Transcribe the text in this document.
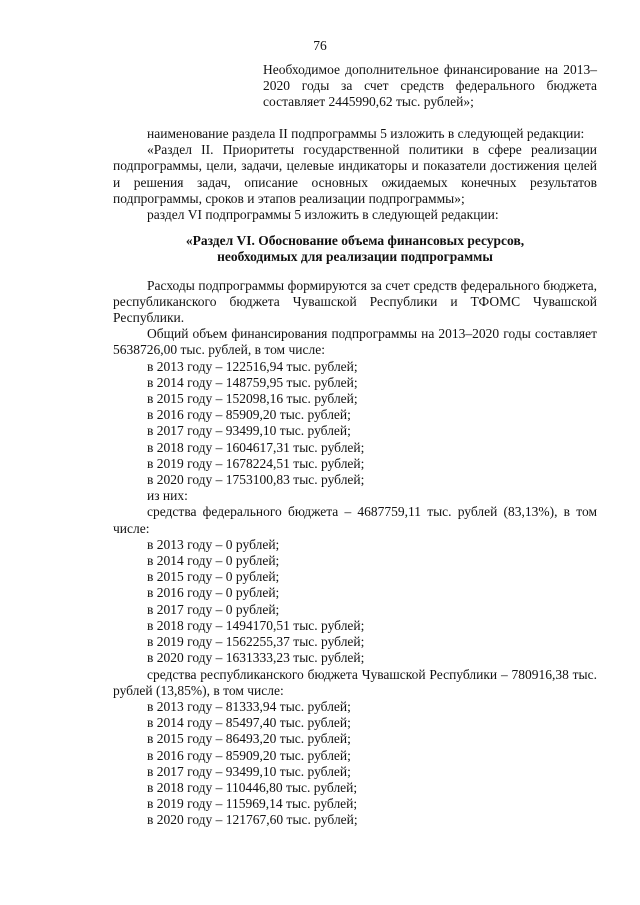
76
Необходимое дополнительное финансирование на 2013–2020 годы за счет средств федерального бюджета составляет 2445990,62 тыс. рублей»;

наименование раздела II подпрограммы 5 изложить в следующей редакции:

«Раздел II. Приоритеты государственной политики в сфере реализации подпрограммы, цели, задачи, целевые индикаторы и показатели достижения целей и решения задач, описание основных ожидаемых конечных результатов подпрограммы, сроков и этапов реализации подпрограммы»;

раздел VI подпрограммы 5 изложить в следующей редакции:

«Раздел VI. Обоснование объема финансовых ресурсов,
необходимых для реализации подпрограммы

Расходы подпрограммы формируются за счет средств федерального бюджета, республиканского бюджета Чувашской Республики и ТФОМС Чувашской Республики.

Общий объем финансирования подпрограммы на 2013–2020 годы составляет 5638726,00 тыс. рублей, в том числе:

в 2013 году – 122516,94 тыс. рублей;

в 2014 году – 148759,95 тыс. рублей;

в 2015 году – 152098,16 тыс. рублей;

в 2016 году – 85909,20 тыс. рублей;

в 2017 году – 93499,10 тыс. рублей;

в 2018 году – 1604617,31 тыс. рублей;

в 2019 году – 1678224,51 тыс. рублей;

в 2020 году – 1753100,83 тыс. рублей;

из них:

средства федерального бюджета – 4687759,11 тыс. рублей (83,13%), в том числе:

в 2013 году – 0 рублей;

в 2014 году – 0 рублей;

в 2015 году – 0 рублей;

в 2016 году – 0 рублей;

в 2017 году – 0 рублей;

в 2018 году – 1494170,51 тыс. рублей;

в 2019 году – 1562255,37 тыс. рублей;

в 2020 году – 1631333,23 тыс. рублей;

средства республиканского бюджета Чувашской Республики – 780916,38 тыс. рублей (13,85%), в том числе:

в 2013 году – 81333,94 тыс. рублей;

в 2014 году – 85497,40 тыс. рублей;

в 2015 году – 86493,20 тыс. рублей;

в 2016 году – 85909,20 тыс. рублей;

в 2017 году – 93499,10 тыс. рублей;

в 2018 году – 110446,80 тыс. рублей;

в 2019 году – 115969,14 тыс. рублей;

в 2020 году – 121767,60 тыс. рублей;
